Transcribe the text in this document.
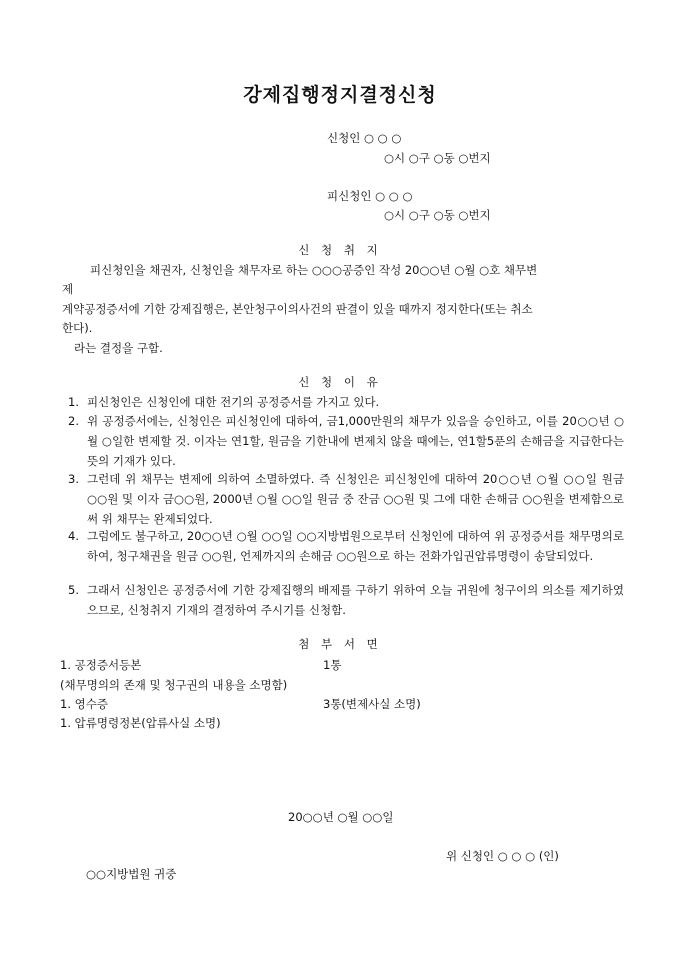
강제집행정지결정신청
신청인 ○ ○ ○
○시 ○구 ○동 ○번지
피신청인 ○ ○ ○
○시 ○구 ○동 ○번지
신 청 취 지
피신청인을 채권자, 신청인을 채무자로 하는 ○○○공증인 작성 20○○년 ○월 ○호 채무변
제
계약공정증서에 기한 강제집행은, 본안청구이의사건의 판결이 있을 때까지 정지한다(또는 취소
한다).
라는 결정을 구함.
신 청 이 유
1. 피신청인은 신청인에 대한 전기의 공정증서를 가지고 있다.
2. 위 공정증서에는, 신청인은 피신청인에 대하여, 금1,000만원의 채무가 있음을 승인하고, 이를 20○○년 ○월 ○일한 변제할 것. 이자는 연1할, 원금을 기한내에 변제치 않을 때에는, 연1할5푼의 손해금을 지급한다는 뜻의 기재가 있다.
3. 그런데 위 채무는 변제에 의하여 소멸하였다. 즉 신청인은 피신청인에 대하여 20○○년 ○월 ○○일 원금 ○○원 및 이자 금○○원, 2000년 ○월 ○○일 원금 중 잔금 ○○원 및 그에 대한 손해금 ○○원을 변제함으로써 위 채무는 완제되었다.
4. 그럼에도 불구하고, 20○○년 ○월 ○○일 ○○지방법원으로부터 신청인에 대하여 위 공정증서를 채무명의로 하여, 청구채권을 원금 ○○원, 언제까지의 손해금 ○○원으로 하는 전화가입권압류명령이 송달되었다.
5. 그래서 신청인은 공정증서에 기한 강제집행의 배제를 구하기 위하여 오늘 귀원에 청구이의 의소를 제기하였으므로, 신청취지 기재의 결정하여 주시기를 신청함.
첨 부 서 면
1. 공정증서등본	1통
(채무명의의 존재 및 청구권의 내용을 소명함)
1. 영수증	3통(변제사실 소명)
1. 압류명령정본(압류사실 소명)
20○○년 ○월 ○○일
위 신청인 ○ ○ ○ (인)
○○지방법원 귀중
